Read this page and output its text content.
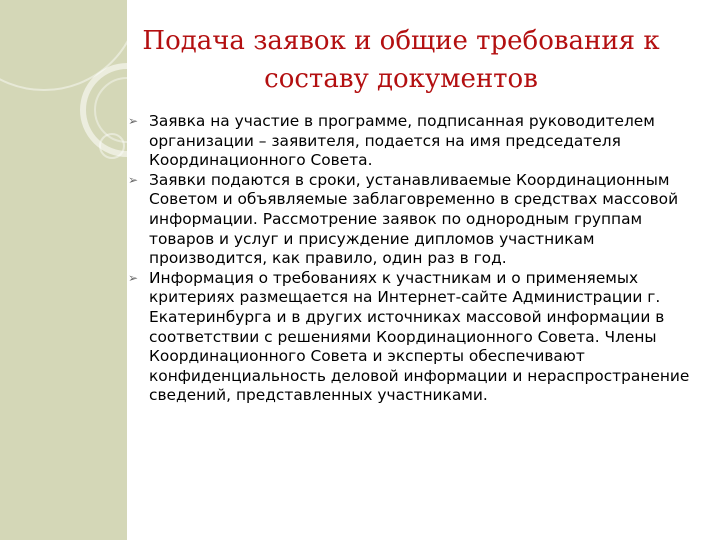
Подача заявок и общие требования к составу документов
➢ Заявка на участие в программе, подписанная руководителем организации – заявителя, подается на имя председателя Координационного Совета.
➢ Заявки подаются в сроки, устанавливаемые Координационным Советом и объявляемые заблаговременно в средствах массовой информации. Рассмотрение заявок по однородным группам товаров и услуг и присуждение дипломов участникам производится, как правило, один раз в год.
➢ Информация о требованиях к участникам и о применяемых критериях размещается на Интернет-сайте Администрации г. Екатеринбурга и в других источниках массовой информации в соответствии с решениями Координационного Совета. Члены Координационного Совета и эксперты обеспечивают конфиденциальность деловой информации и нераспространение сведений, представленных участниками.
